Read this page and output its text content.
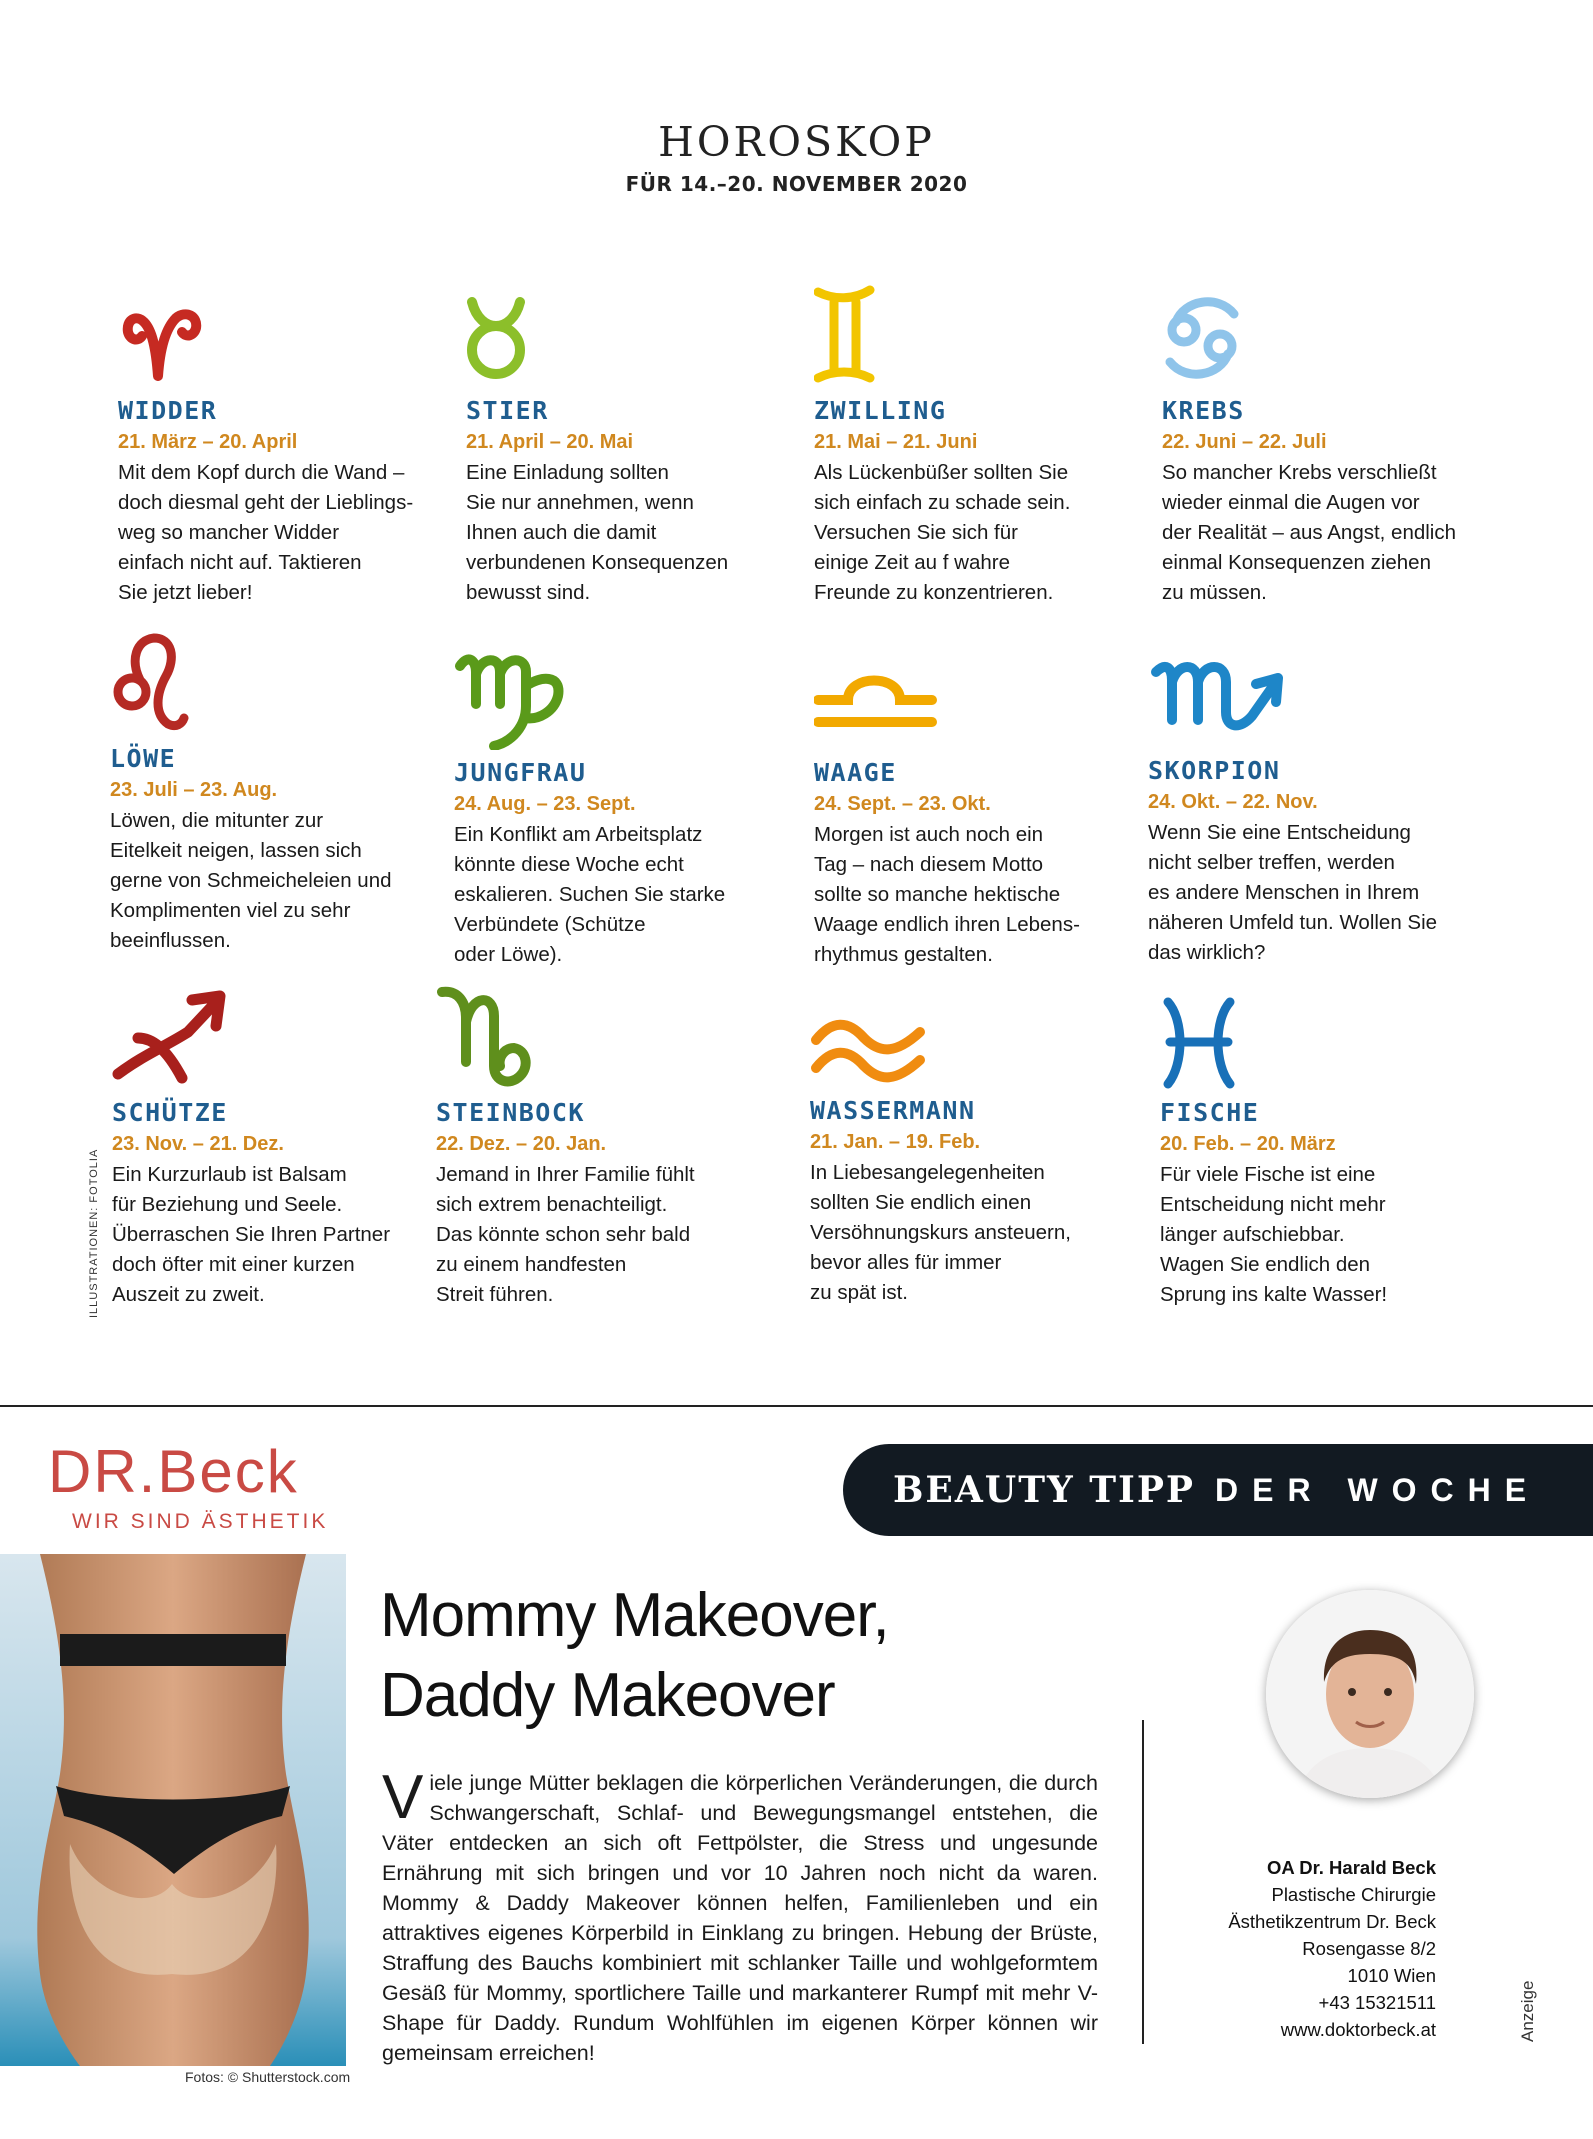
HOROSKOP
FÜR 14.–20. NOVEMBER 2020
WIDDER
21. März – 20. April
Mit dem Kopf durch die Wand –
doch diesmal geht der Lieblings-
weg so mancher Widder
einfach nicht auf. Taktieren
Sie jetzt lieber!
STIER
21. April – 20. Mai
Eine Einladung sollten
Sie nur annehmen, wenn
Ihnen auch die damit
verbundenen Konsequenzen
bewusst sind.
ZWILLING
21. Mai – 21. Juni
Als Lückenbüßer sollten Sie
sich einfach zu schade sein.
Versuchen Sie sich für
einige Zeit au f wahre
Freunde zu konzentrieren.
KREBS
22. Juni – 22. Juli
So mancher Krebs verschließt
wieder einmal die Augen vor
der Realität – aus Angst, endlich
einmal Konsequenzen ziehen
zu müssen.
LÖWE
23. Juli – 23. Aug.
Löwen, die mitunter zur
Eitelkeit neigen, lassen sich
gerne von Schmeicheleien und
Komplimenten viel zu sehr
beeinflussen.
JUNGFRAU
24. Aug. – 23. Sept.
Ein Konflikt am Arbeitsplatz
könnte diese Woche echt
eskalieren. Suchen Sie starke
Verbündete (Schütze
oder Löwe).
WAAGE
24. Sept. – 23. Okt.
Morgen ist auch noch ein
Tag – nach diesem Motto
sollte so manche hektische
Waage endlich ihren Lebens-
rhythmus gestalten.
SKORPION
24. Okt. – 22. Nov.
Wenn Sie eine Entscheidung
nicht selber treffen, werden
es andere Menschen in Ihrem
näheren Umfeld tun. Wollen Sie
das wirklich?
SCHÜTZE
23. Nov. – 21. Dez.
Ein Kurzurlaub ist Balsam
für Beziehung und Seele.
Überraschen Sie Ihren Partner
doch öfter mit einer kurzen
Auszeit zu zweit.
STEINBOCK
22. Dez. – 20. Jan.
Jemand in Ihrer Familie fühlt
sich extrem benachteiligt.
Das könnte schon sehr bald
zu einem handfesten
Streit führen.
WASSERMANN
21. Jan. – 19. Feb.
In Liebesangelegenheiten
sollten Sie endlich einen
Versöhnungskurs ansteuern,
bevor alles für immer
zu spät ist.
FISCHE
20. Feb. – 20. März
Für viele Fische ist eine
Entscheidung nicht mehr
länger aufschiebbar.
Wagen Sie endlich den
Sprung ins kalte Wasser!
ILLUSTRATIONEN: FOTOLIA
DR.Beck
WIR SIND ÄSTHETIK
BEAUTY TIPP DER WOCHE
Fotos: © Shutterstock.com
Mommy Makeover,
Daddy Makeover
Viele junge Mütter beklagen die körperlichen Veränderungen, die durch Schwangerschaft, Schlaf- und Bewegungsmangel entstehen, die Väter entdecken an sich oft Fettpölster, die Stress und ungesunde Ernährung mit sich bringen und vor 10 Jahren noch nicht da waren. Mommy & Daddy Makeover können helfen, Familienleben und ein attraktives eigenes Körperbild in Einklang zu bringen. Hebung der Brüste, Straffung des Bauchs kombiniert mit schlanker Taille und wohlgeformtem Gesäß für Mommy, sportlichere Taille und markanterer Rumpf mit mehr V-Shape für Daddy. Rundum Wohlfühlen im eigenen Körper können wir gemeinsam erreichen!
OA Dr. Harald Beck
Plastische Chirurgie
Ästhetikzentrum Dr. Beck
Rosengasse 8/2
1010 Wien
+43 15321511
www.doktorbeck.at	Anzeige
